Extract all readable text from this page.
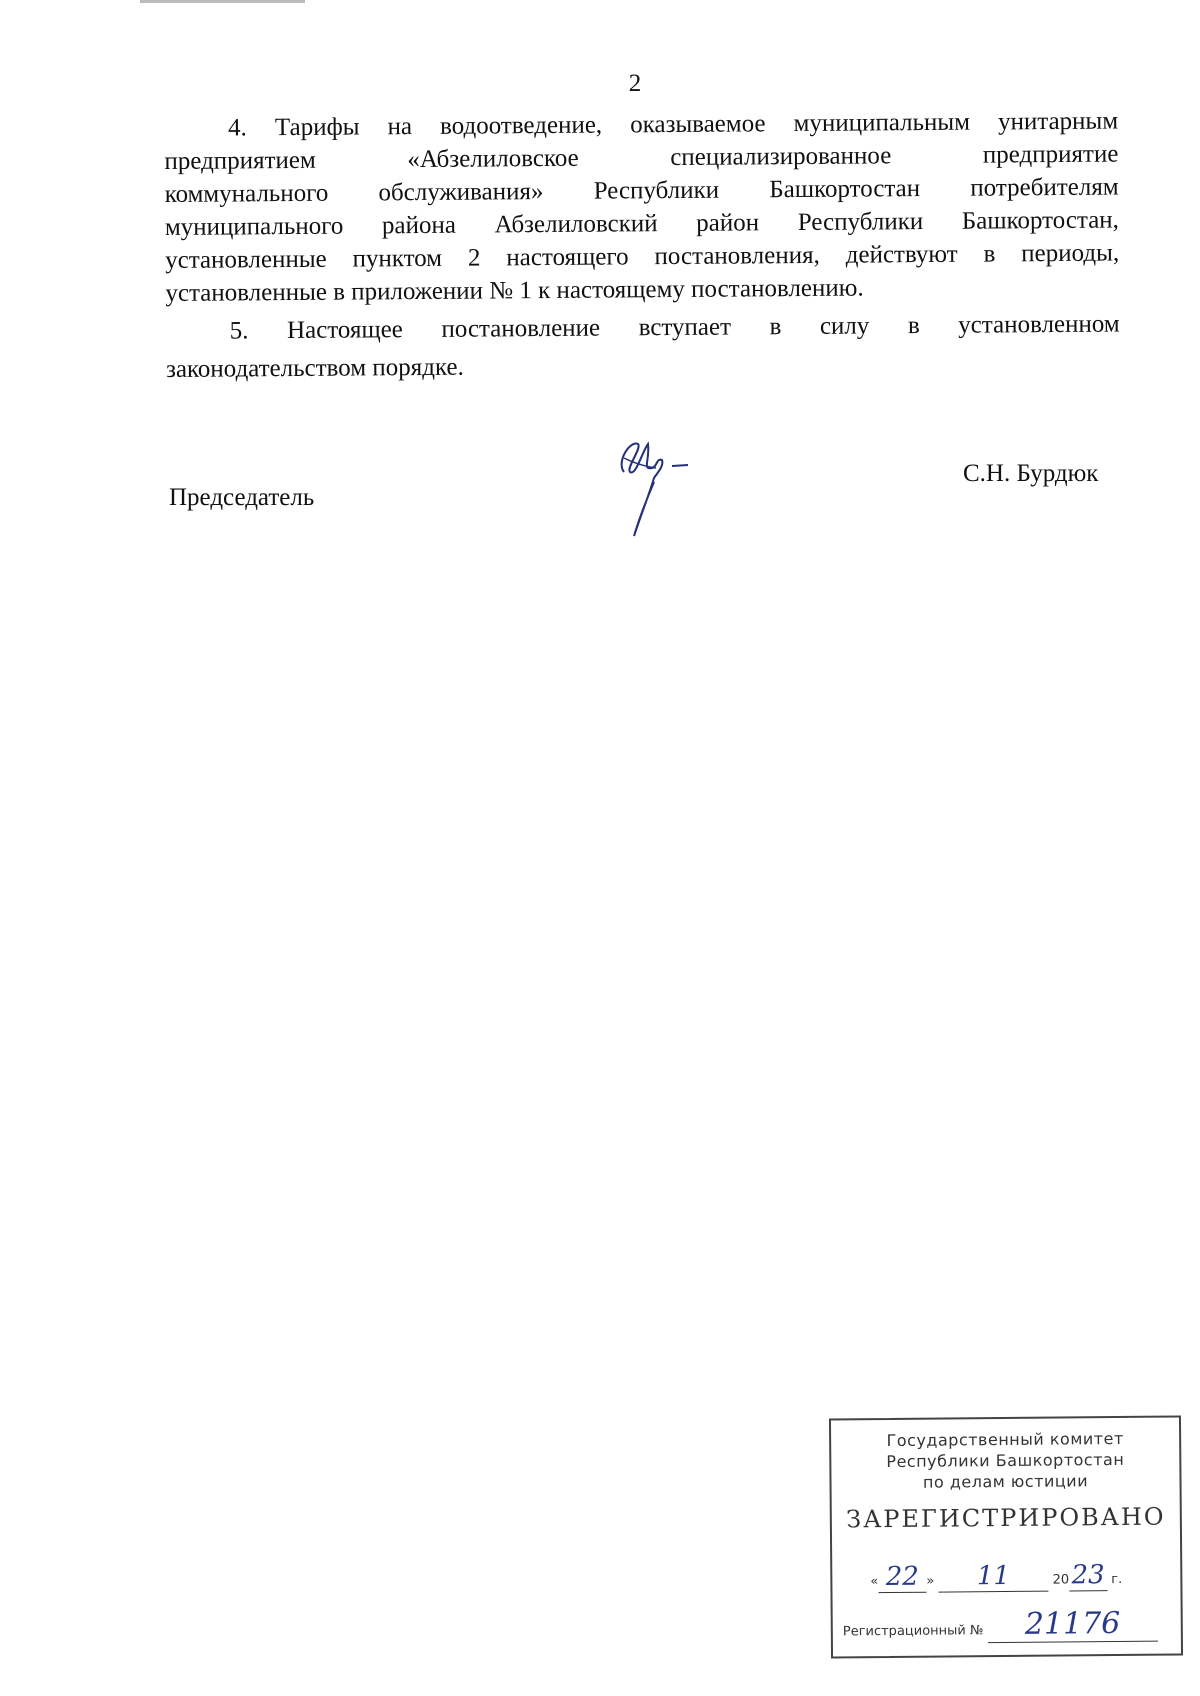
2
4. Тарифы на водоотведение, оказываемое муниципальным унитарным
предприятием «Абзелиловское специализированное предприятие
коммунального обслуживания» Республики Башкортостан потребителям
муниципального района Абзелиловский район Республики Башкортостан,
установленные пунктом 2 настоящего постановления, действуют в периоды,
установленные в приложении № 1 к настоящему постановлению.
5. Настоящее постановление вступает в силу в установленном
законодательством порядке.
Председатель
С.Н. Бурдюк
Государственный комитет
Республики Башкортостан
по делам юстиции
ЗАРЕГИСТРИРОВАНО
« 22 » 11	2023 г.
Регистрационный № 21176
